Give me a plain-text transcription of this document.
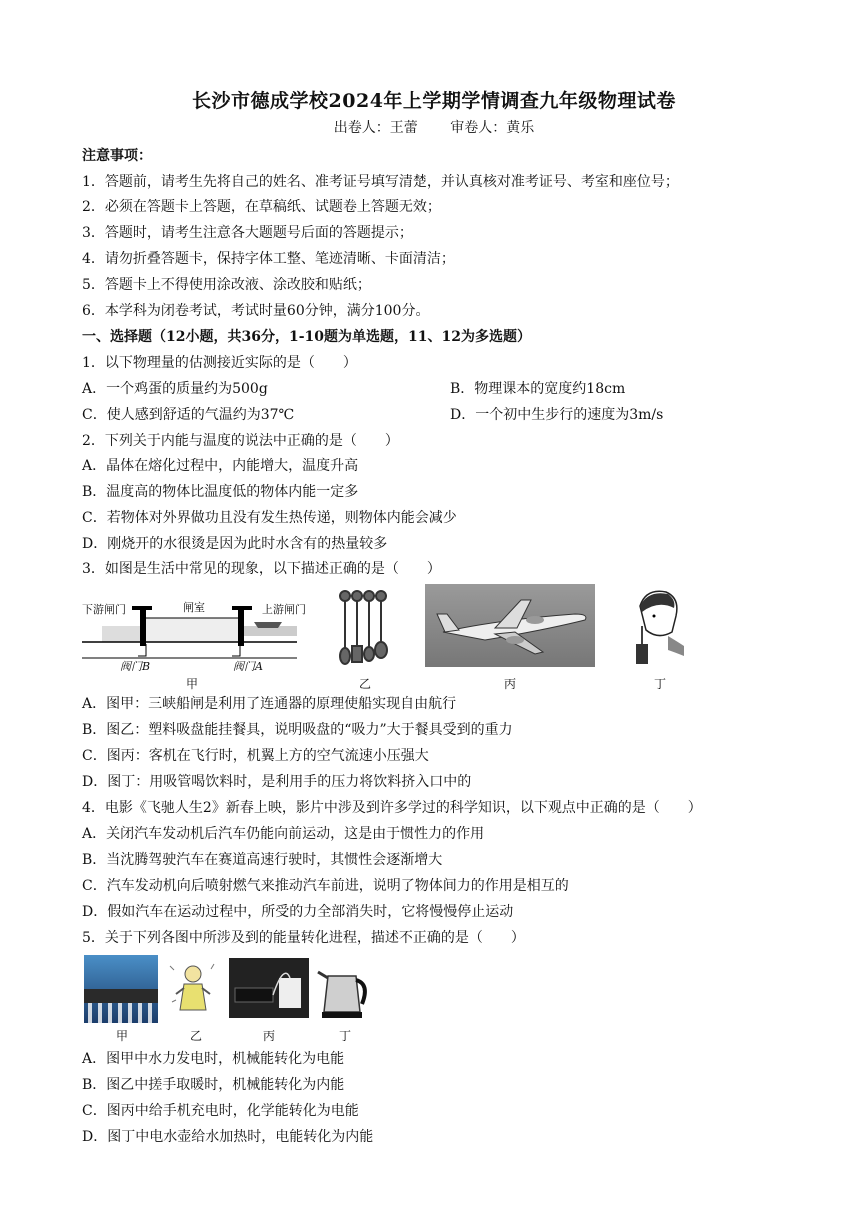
长沙市德成学校2024年上学期学情调查九年级物理试卷
出卷人：王蕾 审卷人：黄乐
注意事项：
1．答题前，请考生先将自己的姓名、准考证号填写清楚，并认真核对准考证号、考室和座位号；
2．必须在答题卡上答题，在草稿纸、试题卷上答题无效；
3．答题时，请考生注意各大题题号后面的答题提示；
4．请勿折叠答题卡，保持字体工整、笔迹清晰、卡面清洁；
5．答题卡上不得使用涂改液、涂改胶和贴纸；
6．本学科为闭卷考试，考试时量60分钟，满分100分。
一、选择题（12小题，共36分，1-10题为单选题，11、12为多选题）
1．以下物理量的估测接近实际的是（　　）
A．一个鸡蛋的质量约为500g	B．物理课本的宽度约18cm
C．使人感到舒适的气温约为37℃	D．一个初中生步行的速度为3m/s
2．下列关于内能与温度的说法中正确的是（　　）
A．晶体在熔化过程中，内能增大，温度升高
B．温度高的物体比温度低的物体内能一定多
C．若物体对外界做功且没有发生热传递，则物体内能会减少
D．刚烧开的水很烫是因为此时水含有的热量较多
3．如图是生活中常见的现象，以下描述正确的是（　　）
下游闸门	闸室	上游闸门
阀门B	阀门A
甲	乙	丙	丁
A．图甲：三峡船闸是利用了连通器的原理使船实现自由航行
B．图乙：塑料吸盘能挂餐具，说明吸盘的“吸力”大于餐具受到的重力
C．图丙：客机在飞行时，机翼上方的空气流速小压强大
D．图丁：用吸管喝饮料时，是利用手的压力将饮料挤入口中的
4．电影《飞驰人生2》新春上映，影片中涉及到许多学过的科学知识，以下观点中正确的是（　　）
A．关闭汽车发动机后汽车仍能向前运动，这是由于惯性力的作用
B．当沈腾驾驶汽车在赛道高速行驶时，其惯性会逐渐增大
C．汽车发动机向后喷射燃气来推动汽车前进，说明了物体间力的作用是相互的
D．假如汽车在运动过程中，所受的力全部消失时，它将慢慢停止运动
5．关于下列各图中所涉及到的能量转化进程，描述不正确的是（　　）
甲	乙	丙	丁
A．图甲中水力发电时，机械能转化为电能
B．图乙中搓手取暖时，机械能转化为内能
C．图丙中给手机充电时，化学能转化为电能
D．图丁中电水壶给水加热时，电能转化为内能
